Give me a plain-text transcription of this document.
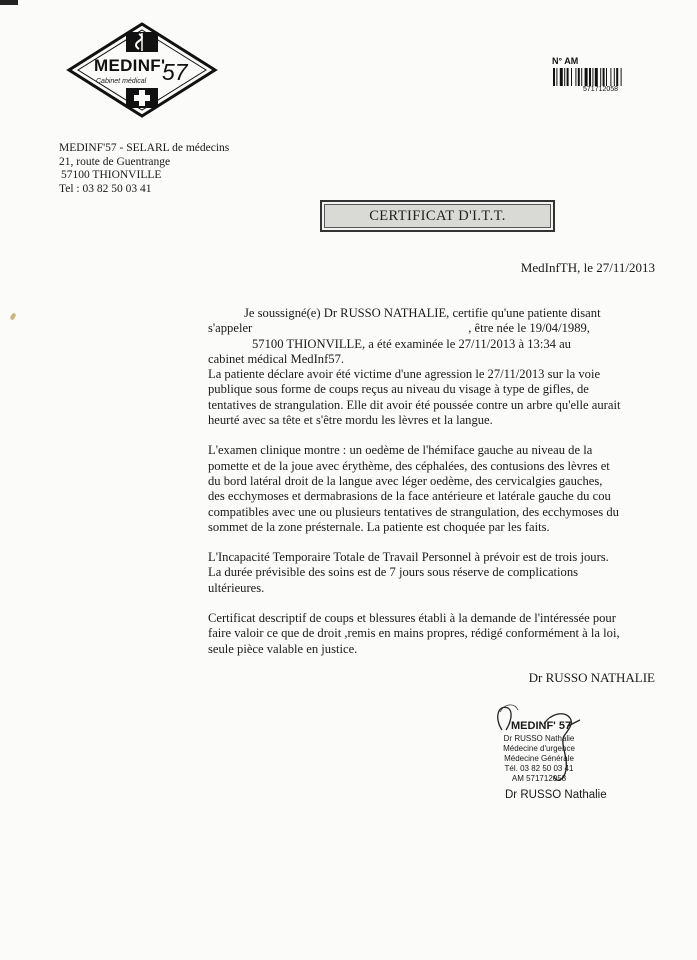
MEDINF'
57
Cabinet médical
N° AM
571712058
MEDINF'57 - SELARL de médecins
21, route de Guentrange
57100 THIONVILLE
Tel : 03 82 50 03 41
CERTIFICAT D'I.T.T.
MedInfTH, le 27/11/2013
Je soussigné(e) Dr RUSSO NATHALIE, certifie qu'une patiente disant
s'appeler	, être née le 19/04/1989,
57100 THIONVILLE, a été examinée le 27/11/2013 à 13:34 au
cabinet médical MedInf57.
La patiente déclare avoir été victime d'une agression le 27/11/2013 sur la voie
publique sous forme de coups reçus au niveau du visage à type de gifles, de
tentatives de strangulation. Elle dit avoir été poussée contre un arbre qu'elle aurait
heurté avec sa tête et s'être mordu les lèvres et la langue.
L'examen clinique montre : un oedème de l'hémiface gauche au niveau de la
pomette et de la joue avec érythème, des céphalées, des contusions des lèvres et
du bord latéral droit de la langue avec léger oedème, des cervicalgies gauches,
des ecchymoses et dermabrasions de la face antérieure et latérale gauche du cou
compatibles avec une ou plusieurs tentatives de strangulation, des ecchymoses du
sommet de la zone présternale. La patiente est choquée par les faits.
L'Incapacité Temporaire Totale de Travail Personnel à prévoir est de trois jours.
La durée prévisible des soins est de 7 jours sous réserve de complications
ultérieures.
Certificat descriptif de coups et blessures établi à la demande de l'intéressée pour
faire valoir ce que de droit ,remis en mains propres, rédigé conformément à la loi,
seule pièce valable en justice.
Dr RUSSO NATHALIE
MEDINF' 57
Dr RUSSO Nathalie
Médecine d'urgence
Médecine Générale
Tél. 03 82 50 03 41
AM 571712058
Dr RUSSO Nathalie
